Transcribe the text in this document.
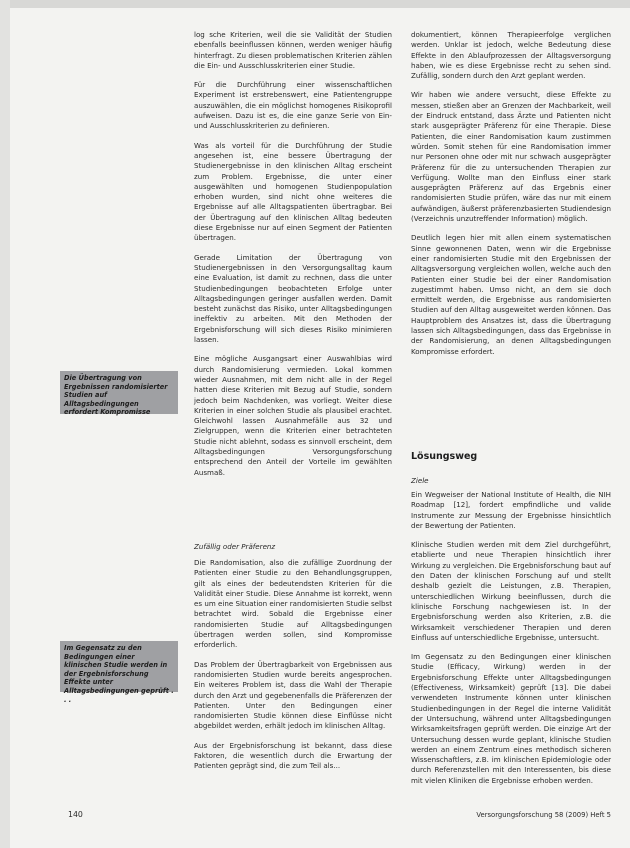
log sche Kriterien, weil die sie Validität der Studien ebenfalls beeinflussen können, werden weniger häufig hinterfragt. Zu diesen problematischen Kriterien zählen die Ein- und Ausschlusskriterien einer Studie.

Für die Durchführung einer wissenschaftlichen Experiment ist erstrebenswert, eine Patientengruppe auszuwählen, die ein möglichst homogenes Risikoprofil aufweisen. Dazu ist es, die eine ganze Serie von Ein- und Ausschlusskriterien zu definieren.

Was als vorteil für die Durchführung der Studie angesehen ist, eine bessere Übertragung der Studienergebnisse in den klinischen Alltag erscheint zum Problem. Ergebnisse, die unter einer ausgewählten und homogenen Studienpopulation erhoben wurden, sind nicht ohne weiteres die Ergebnisse auf alle Alltagspatienten übertragbar. Bei der Übertragung auf den klinischen Alltag bedeuten diese Ergebnisse nur auf einen Segment der Patienten übertragen.

Gerade Limitation der Übertragung von Studienergebnissen in den Versorgungsalltag kaum eine Evaluation, ist damit zu rechnen, dass die unter Studienbedingungen beobachteten Erfolge unter Alltagsbedingungen geringer ausfallen werden. Damit besteht zunächst das Risiko, unter Alltagsbedingungen ineffektiv zu arbeiten. Mit den Methoden der Ergebnisforschung will sich dieses Risiko minimieren lassen.

Eine mögliche Ausgangsart einer Auswahlbias wird durch Randomisierung vermieden. Lokal kommen wieder Ausnahmen, mit dem nicht alle in der Regel hatten diese Kriterien mit Bezug auf Studie, sondern jedoch beim Nachdenken, was vorliegt. Weiter diese Kriterien in einer solchen Studie als plausibel erachtet. Gleichwohl lassen Ausnahmefälle aus 32 und Zielgruppen, wenn die Kriterien einer betrachteten Studie nicht ablehnt, sodass es sinnvoll erscheint, dem Alltagsbedingungen Versorgungsforschung entsprechend den Anteil der Vorteile im gewählten Ausmaß.

dokumentiert, können Therapieerfolge verglichen werden. Unklar ist jedoch, welche Bedeutung diese Effekte in den Ablaufprozessen der Alltagsversorgung haben, wie es diese Ergebnisse recht zu sehen sind. Zufällig, sondern durch den Arzt geplant werden.

Wir haben wie andere versucht, diese Effekte zu messen, stießen aber an Grenzen der Machbarkeit, weil der Eindruck entstand, dass Ärzte und Patienten nicht stark ausgeprägter Präferenz für eine Therapie. Diese Patienten, die einer Randomisation kaum zustimmen würden. Somit stehen für eine Randomisation immer nur Personen ohne oder mit nur schwach ausgeprägter Präferenz für die zu untersuchenden Therapien zur Verfügung. Wollte man den Einfluss einer stark ausgeprägten Präferenz auf das Ergebnis einer randomisierten Studie prüfen, wäre das nur mit einem aufwändigen, äußerst präferenzbasierten Studiendesign (Verzeichnis unzutreffender Information) möglich.

Deutlich legen hier mit allen einem systematischen Sinne gewonnenen Daten, wenn wir die Ergebnisse einer randomisierten Studie mit den Ergebnissen der Alltagsversorgung vergleichen wollen, welche auch den Patienten einer Studie bei der einer Randomisation zugestimmt haben. Umso nicht, an dem sie doch ermittelt werden, die Ergebnisse aus randomisierten Studien auf den Alltag ausgeweitet werden können. Das Hauptproblem des Ansatzes ist, dass die Übertragung lassen sich Alltagsbedingungen, dass das Ergebnisse in der Randomisierung, an denen Alltagsbedingungen Kompromisse erfordert.

Die Übertragung von Ergebnissen randomisierter Studien auf Alltagsbedingungen erfordert Kompromisse
Lösungsweg
Ziele

Ein Wegweiser der National Institute of Health, die NIH Roadmap [12], fordert empfindliche und valide Instrumente zur Messung der Ergebnisse hinsichtlich der Bewertung der Patienten.

Klinische Studien werden mit dem Ziel durchgeführt, etablierte und neue Therapien hinsichtlich ihrer Wirkung zu vergleichen. Die Ergebnisforschung baut auf den Daten der klinischen Forschung auf und stellt deshalb gezielt die Leistungen, z.B. Therapien, unterschiedlichen Wirkung beeinflussen, durch die klinische Forschung nachgewiesen ist. In der Ergebnisforschung werden also Kriterien, z.B. die Wirksamkeit verschiedener Therapien und deren Einfluss auf unterschiedliche Ergebnisse, untersucht.

Im Gegensatz zu den Bedingungen einer klinischen Studie (Efficacy, Wirkung) werden in der Ergebnisforschung Effekte unter Alltagsbedingungen (Effectiveness, Wirksamkeit) geprüft [13]. Die dabei verwendeten Instrumente können unter klinischen Studienbedingungen in der Regel die interne Validität der Untersuchung, während unter Alltagsbedingungen Wirksamkeitsfragen geprüft werden. Die einzige Art der Untersuchung dessen wurde geplant, klinische Studien werden an einem Zentrum eines methodisch sicheren Wissenschaftlers, z.B. im klinischen Epidemiologie oder durch Referenzstellen mit den Interessenten, bis diese mit vielen Kliniken die Ergebnisse erhoben werden.

Zufällig oder Präferenz

Die Randomisation, also die zufällige Zuordnung der Patienten einer Studie zu den Behandlungsgruppen, gilt als eines der bedeutendsten Kriterien für die Validität einer Studie. Diese Annahme ist korrekt, wenn es um eine Situation einer randomisierten Studie selbst betrachtet wird. Sobald die Ergebnisse einer randomisierten Studie auf Alltagsbedingungen übertragen werden sollen, sind Kompromisse erforderlich.

Das Problem der Übertragbarkeit von Ergebnissen aus randomisierten Studien wurde bereits angesprochen. Ein weiteres Problem ist, dass die Wahl der Therapie durch den Arzt und gegebenenfalls die Präferenzen der Patienten. Unter den Bedingungen einer randomisierten Studie können diese Einflüsse nicht abgebildet werden, erhält jedoch im klinischen Alltag.

Aus der Ergebnisforschung ist bekannt, dass diese Faktoren, die wesentlich durch die Erwartung der Patienten geprägt sind, die zum Teil als...

Im Gegensatz zu den Bedingungen einer klinischen Studie werden in der Ergebnisforschung Effekte unter Alltagsbedingungen geprüft . . .
140	Versorgungsforschung 58 (2009) Heft 5
